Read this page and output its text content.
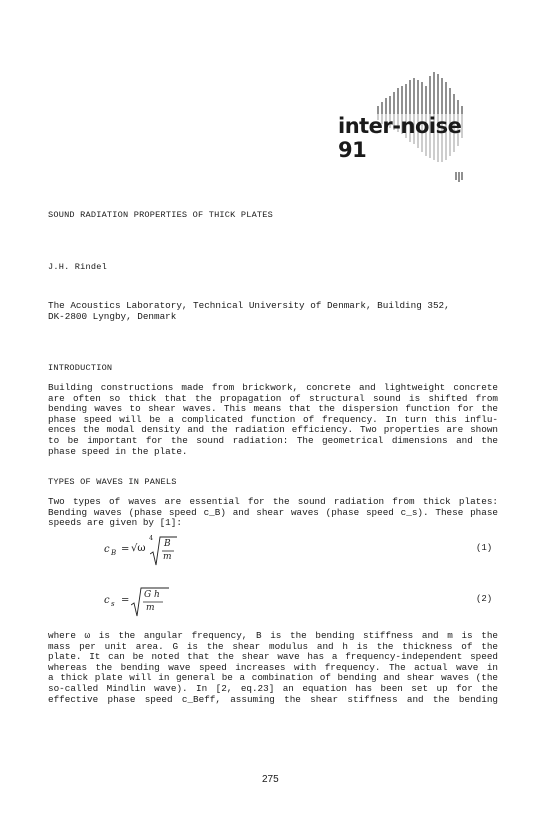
inter-noise 91
SOUND RADIATION PROPERTIES OF THICK PLATES
J.H. Rindel
The Acoustics Laboratory, Technical University of Denmark, Building 352,
DK-2800 Lyngby, Denmark
INTRODUCTION
Building constructions made from brickwork, concrete and lightweight concrete
are often so thick that the propagation of structural sound is shifted from
bending waves to shear waves. This means that the dispersion function for the
phase speed will be a complicated function of frequency. In turn this influ-
ences the modal density and the radiation efficiency. Two properties are shown
to be important for the sound radiation: The geometrical dimensions and the
phase speed in the plate.
TYPES OF WAVES IN PANELS
Two types of waves are essential for the sound radiation from thick plates:
Bending waves (phase speed c_B) and shear waves (phase speed c_s). These phase
speeds are given by [1]:
c B = √ω
4
B
m
(1)
c s = G h
m
(2)
where ω is the angular frequency, B is the bending stiffness and m is the
mass per unit area. G is the shear modulus and h is the thickness of the
plate. It can be noted that the shear wave has a frequency-independent speed
whereas the bending wave speed increases with frequency. The actual wave in
a thick plate will in general be a combination of bending and shear waves (the
so-called Mindlin wave). In [2, eq.23] an equation has been set up for the
effective phase speed c_Beff, assuming the shear stiffness and the bending
275
